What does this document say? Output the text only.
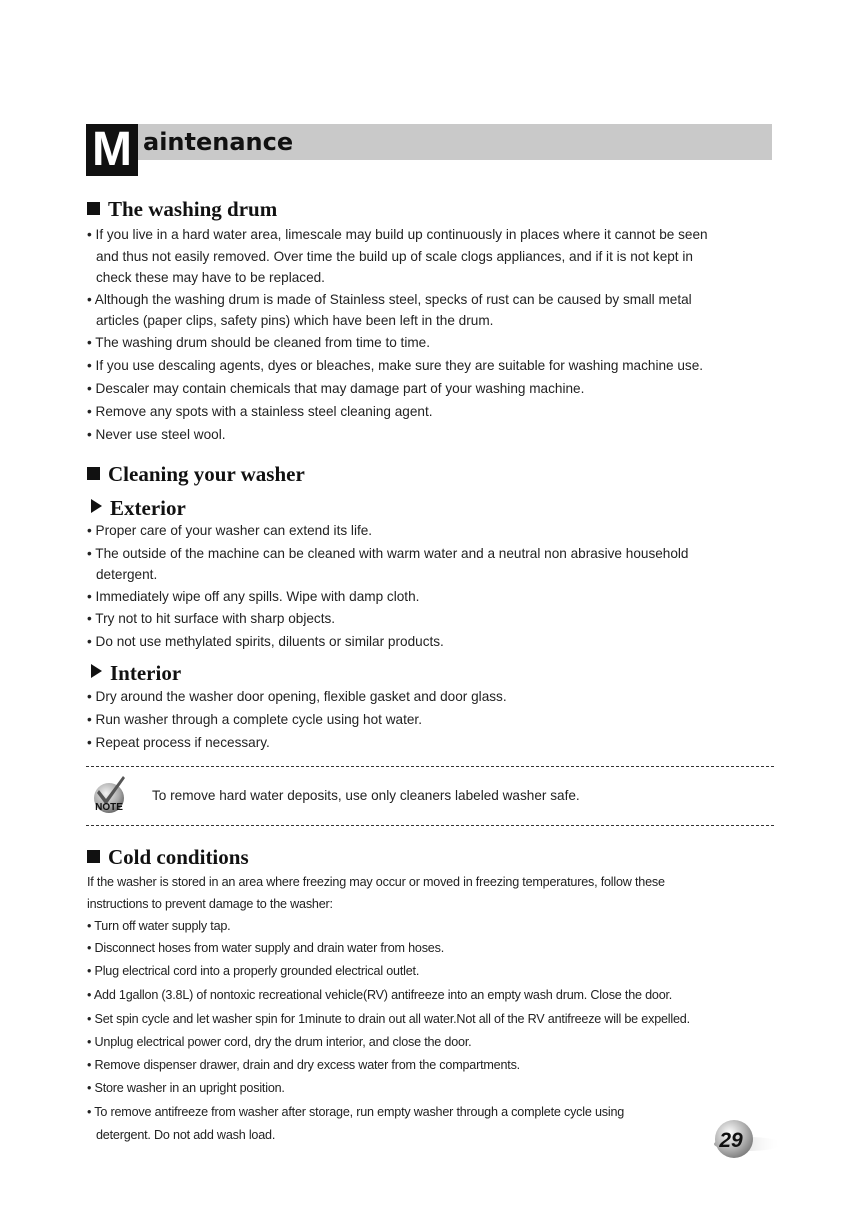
M aintenance
The washing drum
• If you live in a hard water area, limescale may build up continuously in places where it cannot be seen
and thus not easily removed. Over time the build up of scale clogs appliances, and if it is not kept in
check these may have to be replaced.
• Although the washing drum is made of Stainless steel, specks of rust can be caused by small metal
articles (paper clips, safety pins) which have been left in the drum.
• The washing drum should be cleaned from time to time.
• If you use descaling agents, dyes or bleaches, make sure they are suitable for washing machine use.
• Descaler may contain chemicals that may damage part of your washing machine.
• Remove any spots with a stainless steel cleaning agent.
• Never use steel wool.
Cleaning your washer
Exterior
• Proper care of your washer can extend its life.
• The outside of the machine can be cleaned with warm water and a neutral non abrasive household
detergent.
• Immediately wipe off any spills. Wipe with damp cloth.
• Try not to hit surface with sharp objects.
• Do not use methylated spirits, diluents or similar products.
Interior
• Dry around the washer door opening, flexible gasket and door glass.
• Run washer through a complete cycle using hot water.
• Repeat process if necessary.
NOTE
To remove hard water deposits, use only cleaners labeled washer safe.
Cold conditions
If the washer is stored in an area where freezing may occur or moved in freezing temperatures, follow these
instructions to prevent damage to the washer:
• Turn off water supply tap.
• Disconnect hoses from water supply and drain water from hoses.
• Plug electrical cord into a properly grounded electrical outlet.
• Add 1gallon (3.8L) of nontoxic recreational vehicle(RV) antifreeze into an empty wash drum. Close the door.
• Set spin cycle and let washer spin for 1minute to drain out all water.Not all of the RV antifreeze will be expelled.
• Unplug electrical power cord, dry the drum interior, and close the door.
• Remove dispenser drawer, drain and dry excess water from the compartments.
• Store washer in an upright position.
• To remove antifreeze from washer after storage, run empty washer through a complete cycle using
detergent. Do not add wash load.	29
